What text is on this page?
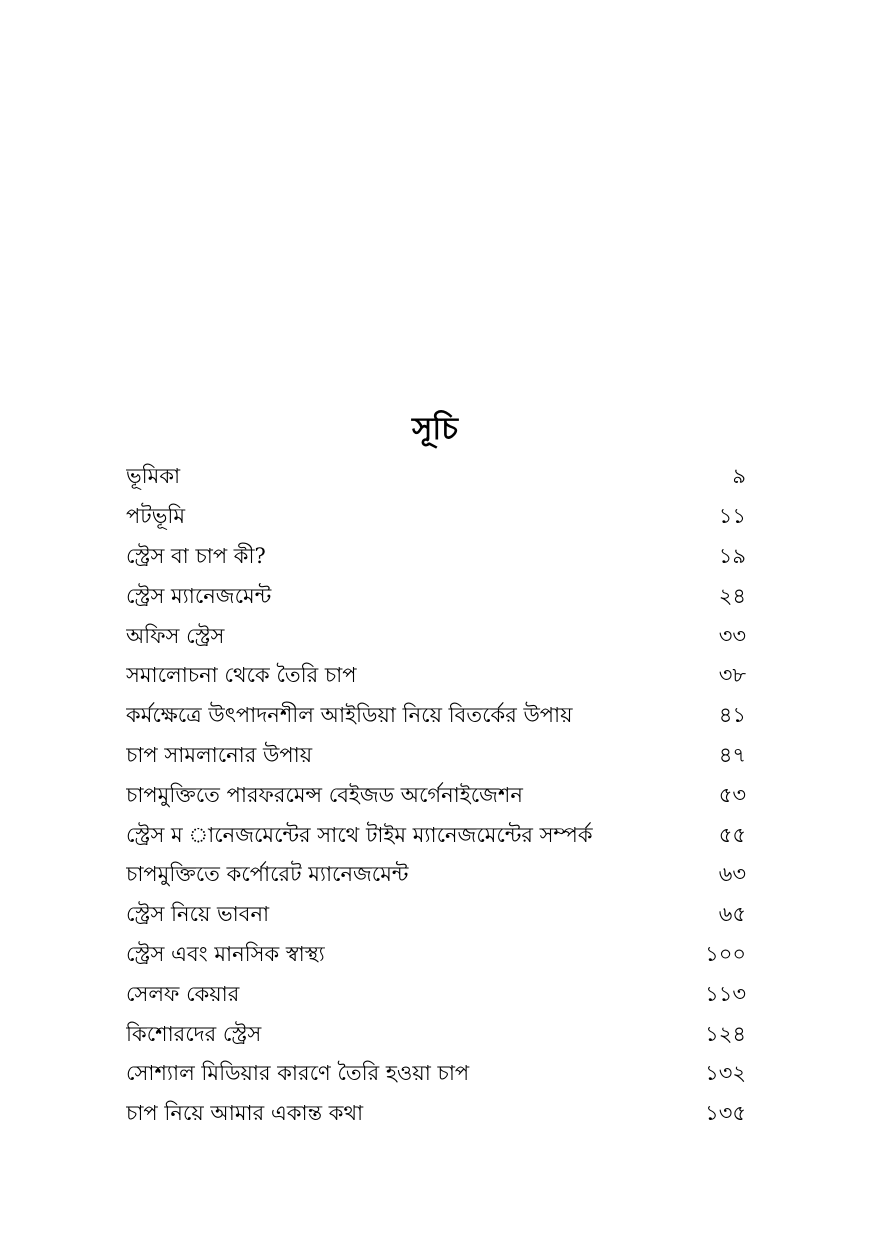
সূচি
ভূমিকা	৯
পটভূমি	১১
স্ট্রেস বা চাপ কী?	১৯
স্ট্রেস ম্যানেজমেন্ট	২৪
অফিস স্ট্রেস	৩৩
সমালোচনা থেকে তৈরি চাপ	৩৮
কর্মক্ষেত্রে উৎপাদনশীল আইডিয়া নিয়ে বিতর্কের উপায়	৪১
চাপ সামলানোর উপায়	৪৭
চাপমুক্তিতে পারফরমেন্স বেইজড অর্গেনাইজেশন	৫৩
স্ট্রেস ম ানেজমেন্টের সাথে টাইম ম্যানেজমেন্টের সম্পর্ক	৫৫
চাপমুক্তিতে কর্পোরেট ম্যানেজমেন্ট	৬৩
স্ট্রেস নিয়ে ভাবনা	৬৫
স্ট্রেস এবং মানসিক স্বাস্থ্য	১০০
সেলফ কেয়ার	১১৩
কিশোরদের স্ট্রেস	১২৪
সোশ্যাল মিডিয়ার কারণে তৈরি হওয়া চাপ	১৩২
চাপ নিয়ে আমার একান্ত কথা	১৩৫
